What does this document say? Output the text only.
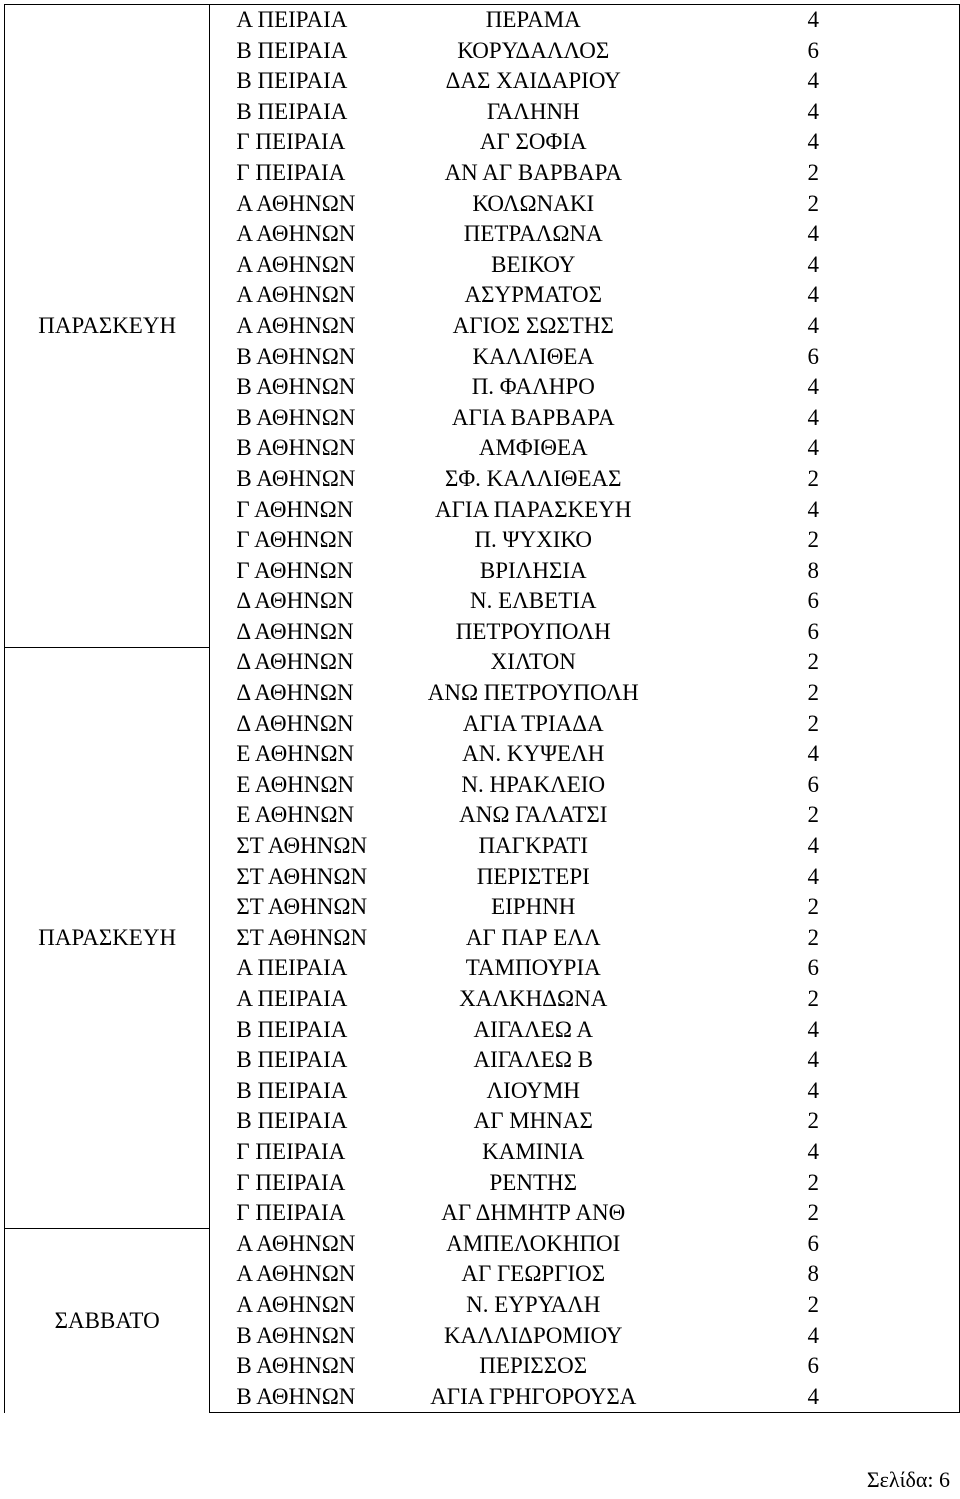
ΠΑΡΑΣΚΕΥΗ	Α ΠΕΙΡΑΙΑ	ΠΕΡΑΜΑ	4
	Β ΠΕΙΡΑΙΑ	ΚΟΡΥΔΑΛΛΟΣ	6
	Β ΠΕΙΡΑΙΑ	ΔΑΣ ΧΑΙΔΑΡΙΟΥ	4
	Β ΠΕΙΡΑΙΑ	ΓΑΛΗΝΗ	4
	Γ ΠΕΙΡΑΙΑ	ΑΓ ΣΟΦΙΑ	4
	Γ ΠΕΙΡΑΙΑ	ΑΝ ΑΓ ΒΑΡΒΑΡΑ	2
	Α ΑΘΗΝΩΝ	ΚΟΛΩΝΑΚΙ	2
	Α ΑΘΗΝΩΝ	ΠΕΤΡΑΛΩΝΑ	4
	Α ΑΘΗΝΩΝ	ΒΕΙΚΟΥ	4
	Α ΑΘΗΝΩΝ	ΑΣΥΡΜΑΤΟΣ	4
	Α ΑΘΗΝΩΝ	ΑΓΙΟΣ ΣΩΣΤΗΣ	4
	Β ΑΘΗΝΩΝ	ΚΑΛΛΙΘΕΑ	6
	Β ΑΘΗΝΩΝ	Π. ΦΑΛΗΡΟ	4
	Β ΑΘΗΝΩΝ	ΑΓΙΑ ΒΑΡΒΑΡΑ	4
	Β ΑΘΗΝΩΝ	ΑΜΦΙΘΕΑ	4
	Β ΑΘΗΝΩΝ	ΣΦ. ΚΑΛΛΙΘΕΑΣ	2
	Γ ΑΘΗΝΩΝ	ΑΓΙΑ ΠΑΡΑΣΚΕΥΗ	4
	Γ ΑΘΗΝΩΝ	Π. ΨΥΧΙΚΟ	2
	Γ ΑΘΗΝΩΝ	ΒΡΙΛΗΣΙΑ	8
	Δ ΑΘΗΝΩΝ	Ν. ΕΛΒΕΤΙΑ	6
	Δ ΑΘΗΝΩΝ	ΠΕΤΡΟΥΠΟΛΗ	6
ΠΑΡΑΣΚΕΥΗ	Δ ΑΘΗΝΩΝ	ΧΙΛΤΟΝ	2
	Δ ΑΘΗΝΩΝ	ΑΝΩ ΠΕΤΡΟΥΠΟΛΗ	2
	Δ ΑΘΗΝΩΝ	ΑΓΙΑ ΤΡΙΑΔΑ	2
	Ε ΑΘΗΝΩΝ	ΑΝ. ΚΥΨΕΛΗ	4
	Ε ΑΘΗΝΩΝ	Ν. ΗΡΑΚΛΕΙΟ	6
	Ε ΑΘΗΝΩΝ	ΑΝΩ ΓΑΛΑΤΣΙ	2
	ΣΤ ΑΘΗΝΩΝ	ΠΑΓΚΡΑΤΙ	4
	ΣΤ ΑΘΗΝΩΝ	ΠΕΡΙΣΤΕΡΙ	4
	ΣΤ ΑΘΗΝΩΝ	ΕΙΡΗΝΗ	2
	ΣΤ ΑΘΗΝΩΝ	ΑΓ ΠΑΡ ΕΛΛ	2
	Α ΠΕΙΡΑΙΑ	ΤΑΜΠΟΥΡΙΑ	6
	Α ΠΕΙΡΑΙΑ	ΧΑΛΚΗΔΩΝΑ	2
	Β ΠΕΙΡΑΙΑ	ΑΙΓΑΛΕΩ Α	4
	Β ΠΕΙΡΑΙΑ	ΑΙΓΑΛΕΩ Β	4
	Β ΠΕΙΡΑΙΑ	ΛΙΟΥΜΗ	4
	Β ΠΕΙΡΑΙΑ	ΑΓ ΜΗΝΑΣ	2
	Γ ΠΕΙΡΑΙΑ	ΚΑΜΙΝΙΑ	4
	Γ ΠΕΙΡΑΙΑ	ΡΕΝΤΗΣ	2
	Γ ΠΕΙΡΑΙΑ	ΑΓ ΔΗΜΗΤΡ ΑΝΘ	2
ΣΑΒΒΑΤΟ	Α ΑΘΗΝΩΝ	ΑΜΠΕΛΟΚΗΠΟΙ	6
	Α ΑΘΗΝΩΝ	ΑΓ ΓΕΩΡΓΙΟΣ	8
	Α ΑΘΗΝΩΝ	Ν. ΕΥΡΥΑΛΗ	2
	Β ΑΘΗΝΩΝ	ΚΑΛΛΙΔΡΟΜΙΟΥ	4
	Β ΑΘΗΝΩΝ	ΠΕΡΙΣΣΟΣ	6
	Β ΑΘΗΝΩΝ	ΑΓΙΑ ΓΡΗΓΟΡΟΥΣΑ	4
Σελίδα: 6
